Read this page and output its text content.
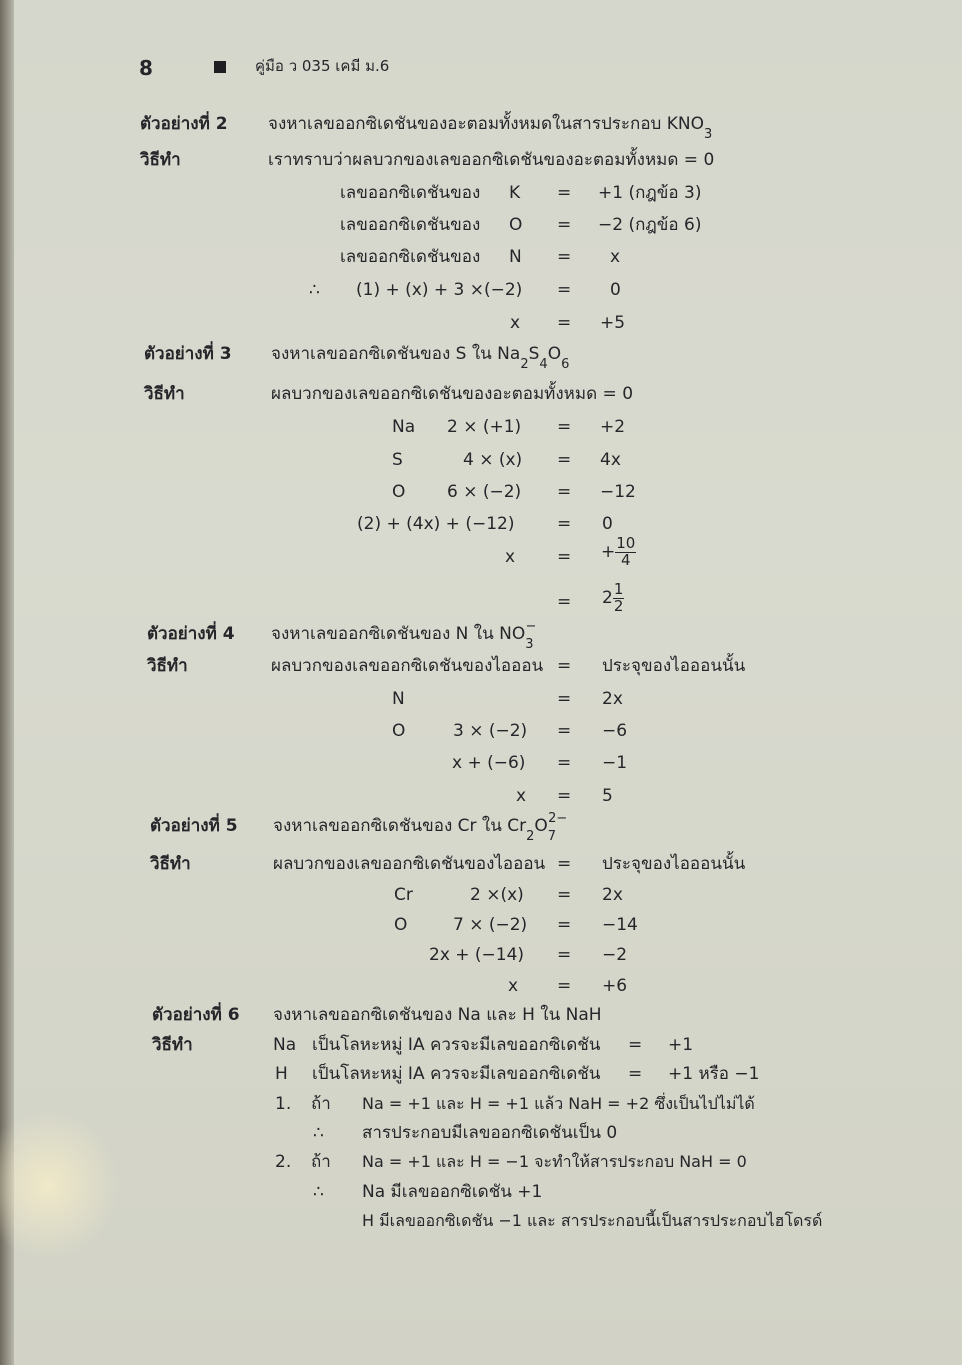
8	คู่มือ ว 035 เคมี ม.6
ตัวอย่างที่ 2 จงหาเลขออกซิเดชันของอะตอมทั้งหมดในสารประกอบ $KNO_3$
วิธีทำ	เราทราบว่าผลบวกของเลขออกซิเดชันของอะตอมทั้งหมด = 0
เลขออกซิเดชันของ K = +1 (กฎข้อ 3)
เลขออกซิเดชันของ O = −2 (กฎข้อ 6)
เลขออกซิเดชันของ N = x
∴ (1) + (x) + 3 ×(−2) = 0
x = +5
ตัวอย่างที่ 3 จงหาเลขออกซิเดชันของ S ใน $Na_2S_4O_6$
วิธีทำ	ผลบวกของเลขออกซิเดชันของอะตอมทั้งหมด = 0
Na 2 × (+1) = +2
S	4 × (x) = 4x
O 6 × (−2) = −12
(2) + (4x) + (−12)	= 0
x = + $\frac{10}{4}$
= $2 \frac{1}{2}$
ตัวอย่างที่ 4 จงหาเลขออกซิเดชันของ N ใน $NO_3^-$
วิธีทำ	ผลบวกของเลขออกซิเดชันของไอออน = ประจุของไอออนนั้น
N	= 2x
O	3 × (−2) = −6
x + (−6) = −1
x = 5
ตัวอย่างที่ 5 จงหาเลขออกซิเดชันของ Cr ใน $Cr_2O_7^{2-}$
วิธีทำ	ผลบวกของเลขออกซิเดชันของไอออน = ประจุของไอออนนั้น
Cr	2 ×(x) = 2x
O	7 × (−2) = −14
2x + (−14) = −2
x = +6
ตัวอย่างที่ 6 จงหาเลขออกซิเดชันของ Na และ H ใน NaH
วิธีทำ	Na เป็นโลหะหมู่ IA ควรจะมีเลขออกซิเดชัน = +1
H เป็นโลหะหมู่ IA ควรจะมีเลขออกซิเดชัน = +1 หรือ −1
1. ถ้า Na = +1 และ H = +1 แล้ว NaH = +2 ซึ่งเป็นไปไม่ได้
∴ สารประกอบมีเลขออกซิเดชันเป็น 0
2. ถ้า Na = +1 และ H = −1 จะทำให้สารประกอบ NaH = 0
∴ Na มีเลขออกซิเดชัน +1
H มีเลขออกซิเดชัน −1 และ สารประกอบนี้เป็นสารประกอบไฮโดรด์
